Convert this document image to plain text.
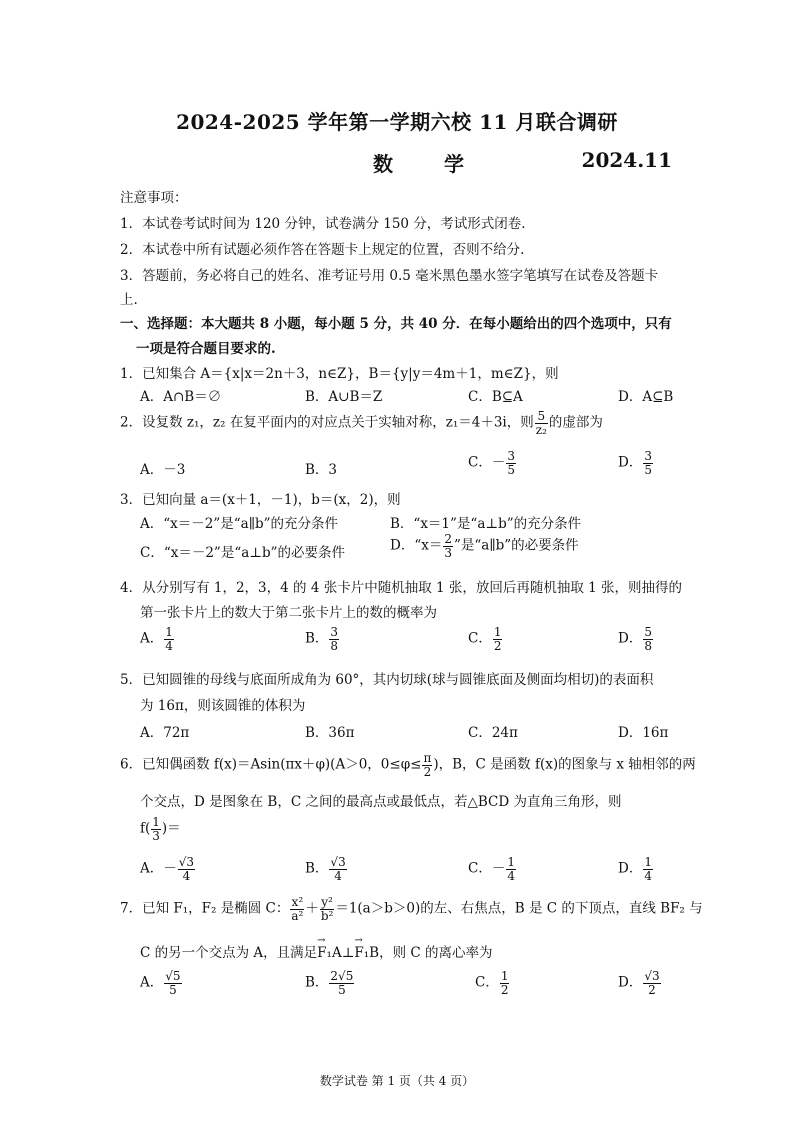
2024-2025 学年第一学期六校 11 月联合调研
数 学	2024.11
注意事项：
1．本试卷考试时间为 120 分钟，试卷满分 150 分，考试形式闭卷.
2．本试卷中所有试题必须作答在答题卡上规定的位置，否则不给分.
3．答题前，务必将自己的姓名、准考证号用 0.5 毫米黑色墨水签字笔填写在试卷及答题卡
上.
一、选择题：本大题共 8 小题，每小题 5 分，共 40 分．在每小题给出的四个选项中，只有
一项是符合题目要求的.
1．已知集合 A＝{x|x＝2n＋3，n∈Z}，B＝{y|y＝4m＋1，m∈Z}，则
A．A∩B＝∅	B．A∪B＝Z	C．B⊆A	D．A⊆B
2．设复数 z₁，z₂ 在复平面内的对应点关于实轴对称，z₁＝4＋3i，则 $\frac{5}{\text{z₂}}$ 的虚部为
A．－3	B．3	C．－ $\frac{3}{5}$	D． $\frac{3}{5}$
3．已知向量 a＝(x＋1，－1)，b＝(x，2)，则
A．“x＝－2”是“a∥b”的充分条件	B．“x＝1”是“a⊥b”的充分条件
C．“x＝－2”是“a⊥b”的必要条件	D．“$x= \frac{2}{3}$ ”是“a∥b”的必要条件
4．从分别写有 1，2，3，4 的 4 张卡片中随机抽取 1 张，放回后再随机抽取 1 张，则抽得的
第一张卡片上的数大于第二张卡片上的数的概率为
A． $\frac{1}{4}$	B． $\frac{3}{8}$	C． $\frac{1}{2}$	D． $\frac{5}{8}$
5．已知圆锥的母线与底面所成角为 60°，其内切球(球与圆锥底面及侧面均相切)的表面积
为 16π，则该圆锥的体积为
A．72π	B．36π	C．24π	D．16π
6．已知偶函数 f(x)＝Asin(πx＋φ)(A＞0，$0\le\varphi\le \frac{\pi}{2}$ )，B，C 是函数 f(x)的图象与 x 轴相邻的两
个交点，D 是图象在 B，C 之间的最高点或最低点，若△BCD 为直角三角形，则
$f( \frac{1}{3}$ )＝
A．－ $\frac{√3}{4}$	B． $\frac{√3}{4}$	C．－ $\frac{1}{4}$	D． $\frac{1}{4}$
7．已知 F₁，F₂ 是椭圆 C： $\frac{\text{x²}}{\text{a²}} + \frac{\text{y²}}{\text{b²}} =1(a>b>0)$的左、右焦点，B 是 C 的下顶点，直线 BF₂ 与
C 的另一个交点为 A，且满足→ F₁A⊥→ F₁B，则 C 的离心率为
A． $\frac{√5}{5}$	B． $\frac{2√5}{5}$	C． $\frac{1}{2}$	D． $\frac{√3}{2}$
数学试卷 第 1 页（共 4 页）
